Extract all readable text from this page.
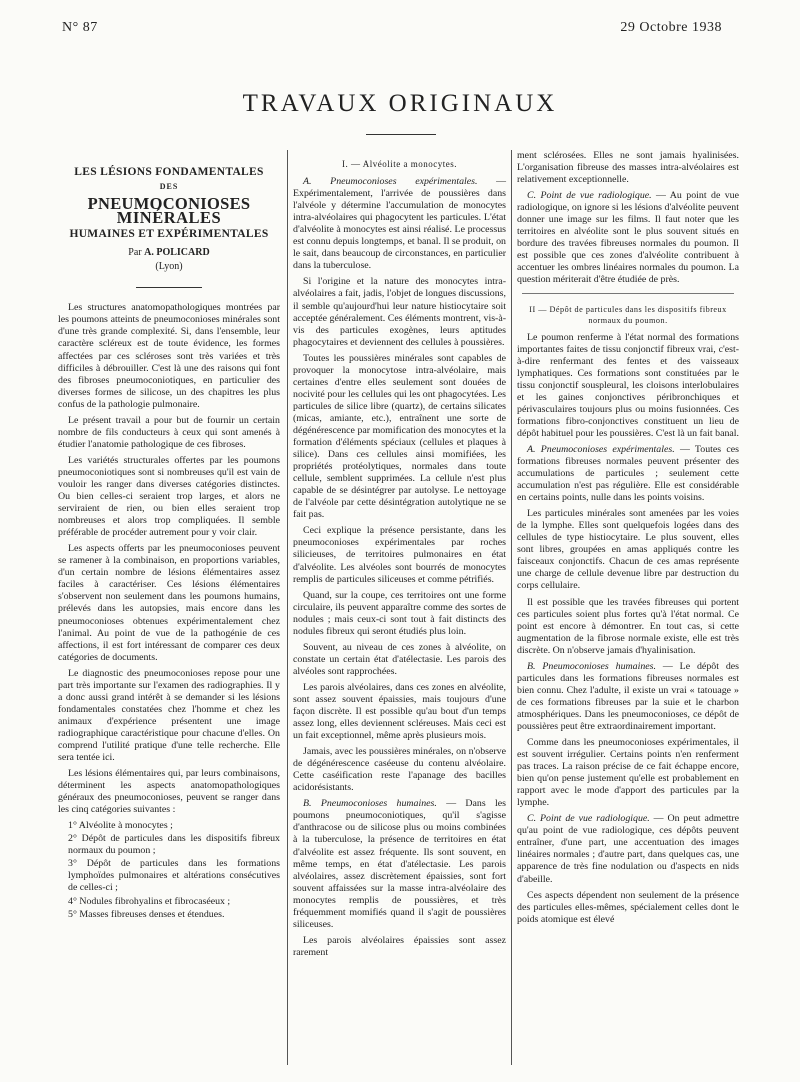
N° 87	29 Octobre 1938
TRAVAUX ORIGINAUX
LES LÉSIONS FONDAMENTALES
DES
PNEUMOCONIOSES
MINÉRALES
HUMAINES ET EXPÉRIMENTALES
Par A. POLICARD
(Lyon)

Les structures anatomopathologiques montrées par les poumons atteints de pneumoconioses minérales sont d'une très grande complexité. Si, dans l'ensemble, leur caractère scléreux est de toute évidence, les formes affectées par ces scléroses sont très variées et très difficiles à débrouiller. C'est là une des raisons qui font des fibroses pneumoconiotiques, en particulier des diverses formes de silicose, un des chapitres les plus confus de la pathologie pulmonaire.

Le présent travail a pour but de fournir un certain nombre de fils conducteurs à ceux qui sont amenés à étudier l'anatomie pathologique de ces fibroses.

Les variétés structurales offertes par les poumons pneumoconiotiques sont si nombreuses qu'il est vain de vouloir les ranger dans diverses catégories distinctes. Ou bien celles-ci seraient trop larges, et alors ne serviraient de rien, ou bien elles seraient trop nombreuses et alors trop compliquées. Il semble préférable de procéder autrement pour y voir clair.

Les aspects offerts par les pneumoconioses peuvent se ramener à la combinaison, en proportions variables, d'un certain nombre de lésions élémentaires assez faciles à caractériser. Ces lésions élémentaires s'observent non seulement dans les poumons humains, prélevés dans les autopsies, mais encore dans les pneumoconioses obtenues expérimentalement chez l'animal. Au point de vue de la pathogénie de ces affections, il est fort intéressant de comparer ces deux catégories de documents.

Le diagnostic des pneumoconioses repose pour une part très importante sur l'examen des radiographies. Il y a donc aussi grand intérêt à se demander si les lésions fondamentales constatées chez l'homme et chez les animaux d'expérience présentent une image radiographique caractéristique pour chacune d'elles. On comprend l'utilité pratique d'une telle recherche. Elle sera tentée ici.

Les lésions élémentaires qui, par leurs combinaisons, déterminent les aspects anatomopathologiques généraux des pneumoconioses, peuvent se ranger dans les cinq catégories suivantes :

1° Alvéolite à monocytes ;

2° Dépôt de particules dans les dispositifs fibreux normaux du poumon ;

3° Dépôt de particules dans les formations lymphoïdes pulmonaires et altérations consécutives de celles-ci ;

4° Nodules fibrohyalins et fibrocaséeux ;

5° Masses fibreuses denses et étendues.

I. — Alvéolite a monocytes.

A. Pneumoconioses expérimentales. — Expérimentalement, l'arrivée de poussières dans l'alvéole y détermine l'accumulation de monocytes intra-alvéolaires qui phagocytent les particules. L'état d'alvéolite à monocytes est ainsi réalisé. Le processus est connu depuis longtemps, et banal. Il se produit, on le sait, dans beaucoup de circonstances, en particulier dans la tuberculose.

Si l'origine et la nature des monocytes intra-alvéolaires a fait, jadis, l'objet de longues discussions, il semble qu'aujourd'hui leur nature histiocytaire soit acceptée généralement. Ces éléments montrent, vis-à-vis des particules exogènes, leurs aptitudes phagocytaires et deviennent des cellules à poussières.

Toutes les poussières minérales sont capables de provoquer la monocytose intra-alvéolaire, mais certaines d'entre elles seulement sont douées de nocivité pour les cellules qui les ont phagocytées. Les particules de silice libre (quartz), de certains silicates (micas, amiante, etc.), entraînent une sorte de dégénérescence par momification des monocytes et la formation d'éléments spéciaux (cellules et plaques à silice). Dans ces cellules ainsi momifiées, les propriétés protéolytiques, normales dans toute cellule, semblent supprimées. La cellule n'est plus capable de se désintégrer par autolyse. Le nettoyage de l'alvéole par cette désintégration autolytique ne se fait pas.

Ceci explique la présence persistante, dans les pneumoconioses expérimentales par roches silicieuses, de territoires pulmonaires en état d'alvéolite. Les alvéoles sont bourrés de monocytes remplis de particules siliceuses et comme pétrifiés.

Quand, sur la coupe, ces territoires ont une forme circulaire, ils peuvent apparaître comme des sortes de nodules ; mais ceux-ci sont tout à fait distincts des nodules fibreux qui seront étudiés plus loin.

Souvent, au niveau de ces zones à alvéolite, on constate un certain état d'atélectasie. Les parois des alvéoles sont rapprochées.

Les parois alvéolaires, dans ces zones en alvéolite, sont assez souvent épaissies, mais toujours d'une façon discrète. Il est possible qu'au bout d'un temps assez long, elles deviennent scléreuses. Mais ceci est un fait exceptionnel, même après plusieurs mois.

Jamais, avec les poussières minérales, on n'observe de dégénérescence caséeuse du contenu alvéolaire. Cette caséification reste l'apanage des bacilles acidorésistants.

B. Pneumoconioses humaines. — Dans les poumons pneumoconiotiques, qu'il s'agisse d'anthracose ou de silicose plus ou moins combinées à la tuberculose, la présence de territoires en état d'alvéolite est assez fréquente. Ils sont souvent, en même temps, en état d'atélectasie. Les parois alvéolaires, assez discrètement épaissies, sont fort souvent affaissées sur la masse intra-alvéolaire des monocytes remplis de poussières, et très fréquemment momifiés quand il s'agit de poussières siliceuses.

Les parois alvéolaires épaissies sont assez rarement

ment sclérosées. Elles ne sont jamais hyalinisées. L'organisation fibreuse des masses intra-alvéolaires est relativement exceptionnelle.

C. Point de vue radiologique. — Au point de vue radiologique, on ignore si les lésions d'alvéolite peuvent donner une image sur les films. Il faut noter que les territoires en alvéolite sont le plus souvent situés en bordure des travées fibreuses normales du poumon. Il est possible que ces zones d'alvéolite contribuent à accentuer les ombres linéaires normales du poumon. La question mériterait d'être étudiée de près.

II — Dépôt de particules dans les dispositifs fibreux normaux du poumon.

Le poumon renferme à l'état normal des formations importantes faites de tissu conjonctif fibreux vrai, c'est-à-dire renfermant des fentes et des vaisseaux lymphatiques. Ces formations sont constituées par le tissu conjonctif souspleural, les cloisons interlobulaires et les gaines conjonctives péribronchiques et périvasculaires toujours plus ou moins fusionnées. Ces formations fibro-conjonctives constituent un lieu de dépôt habituel pour les poussières. C'est là un fait banal.

A. Pneumoconioses expérimentales. — Toutes ces formations fibreuses normales peuvent présenter des accumulations de particules ; seulement cette accumulation n'est pas régulière. Elle est considérable en certains points, nulle dans les points voisins.

Les particules minérales sont amenées par les voies de la lymphe. Elles sont quelquefois logées dans des cellules de type histiocytaire. Le plus souvent, elles sont libres, groupées en amas appliqués contre les faisceaux conjonctifs. Chacun de ces amas représente une charge de cellule devenue libre par destruction du corps cellulaire.

Il est possible que les travées fibreuses qui portent ces particules soient plus fortes qu'à l'état normal. Ce point est encore à démontrer. En tout cas, si cette augmentation de la fibrose normale existe, elle est très discrète. On n'observe jamais d'hyalinisation.

B. Pneumoconioses humaines. — Le dépôt des particules dans les formations fibreuses normales est bien connu. Chez l'adulte, il existe un vrai « tatouage » de ces formations fibreuses par la suie et le charbon atmosphériques. Dans les pneumoconioses, ce dépôt de poussières peut être extraordinairement important.

Comme dans les pneumoconioses expérimentales, il est souvent irrégulier. Certains points n'en renferment pas traces. La raison précise de ce fait échappe encore, bien qu'on pense justement qu'elle est probablement en rapport avec le mode d'apport des particules par la lymphe.

C. Point de vue radiologique. — On peut admettre qu'au point de vue radiologique, ces dépôts peuvent entraîner, d'une part, une accentuation des images linéaires normales ; d'autre part, dans quelques cas, une apparence de très fine nodulation ou d'aspects en nids d'abeille.

Ces aspects dépendent non seulement de la présence des particules elles-mêmes, spécialement celles dont le poids atomique est élevé
